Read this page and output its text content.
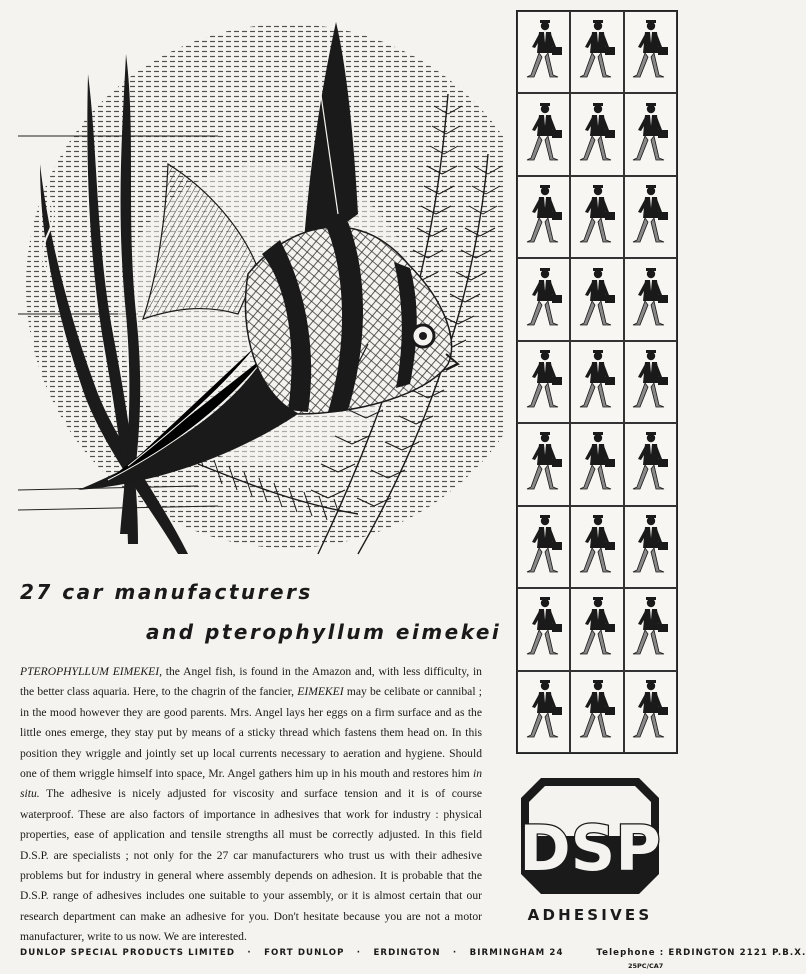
27 car manufacturers
and pterophyllum eimekei

PTEROPHYLLUM EIMEKEI, the Angel fish, is found in the Amazon and, with less difficulty, in the better class aquaria. Here, to the chagrin of the fancier, EIMEKEI may be celibate or cannibal ; in the mood however they are good parents. Mrs. Angel lays her eggs on a firm surface and as the little ones emerge, they stay put by means of a sticky thread which fastens them head on. In this position they wriggle and jointly set up local currents necessary to aeration and hygiene. Should one of them wriggle himself into space, Mr. Angel gathers him up in his mouth and restores him in situ. The adhesive is nicely adjusted for viscosity and surface tension and it is of course waterproof. These are also factors of importance in adhesives that work for industry : physical properties, ease of application and tensile strengths all must be correctly adjusted. In this field D.S.P. are specialists ; not only for the 27 car manufacturers who trust us with their adhesive problems but for industry in general where assembly depends on adhesion. It is probable that the D.S.P. range of adhesives includes one suitable to your assembly, or it is almost certain that our research department can make an adhesive for you. Don't hesitate because you are not a motor manufacturer, write to us now. We are interested.

DSP
ADHESIVES
DUNLOP SPECIAL PRODUCTS LIMITED · FORT DUNLOP · ERDINGTON · BIRMINGHAM 24	Telephone : ERDINGTON 2121 P.B.X.
25PC/CA7
